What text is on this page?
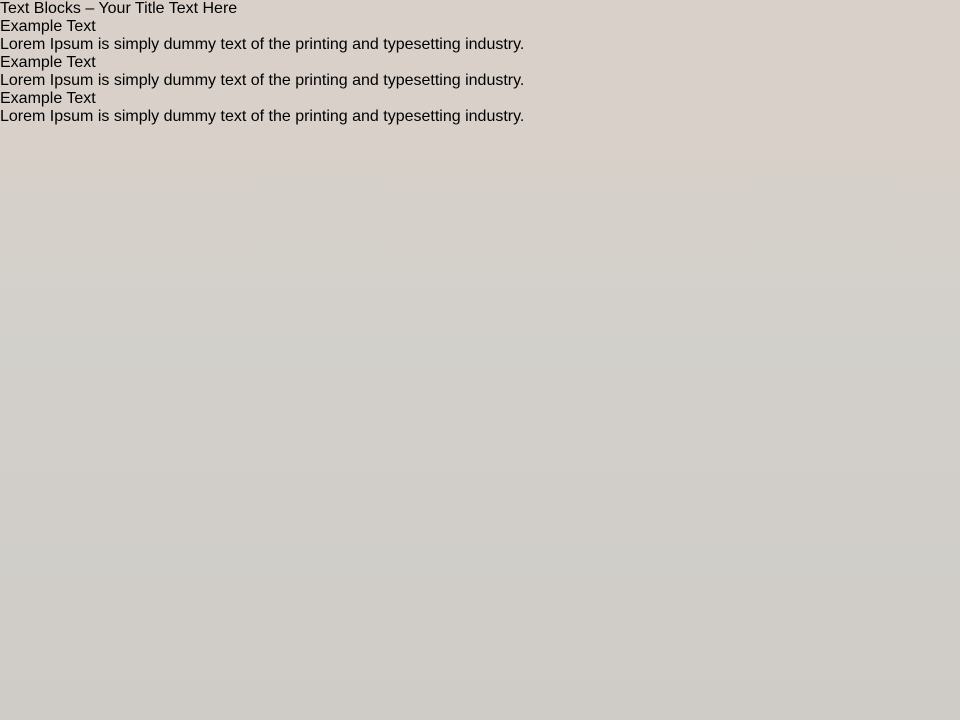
Text Blocks – Your Title Text Here
Example Text
Lorem Ipsum is simply dummy text of the printing and typesetting industry.
Example Text
Lorem Ipsum is simply dummy text of the printing and typesetting industry.
Example Text
Lorem Ipsum is simply dummy text of the printing and typesetting industry.
